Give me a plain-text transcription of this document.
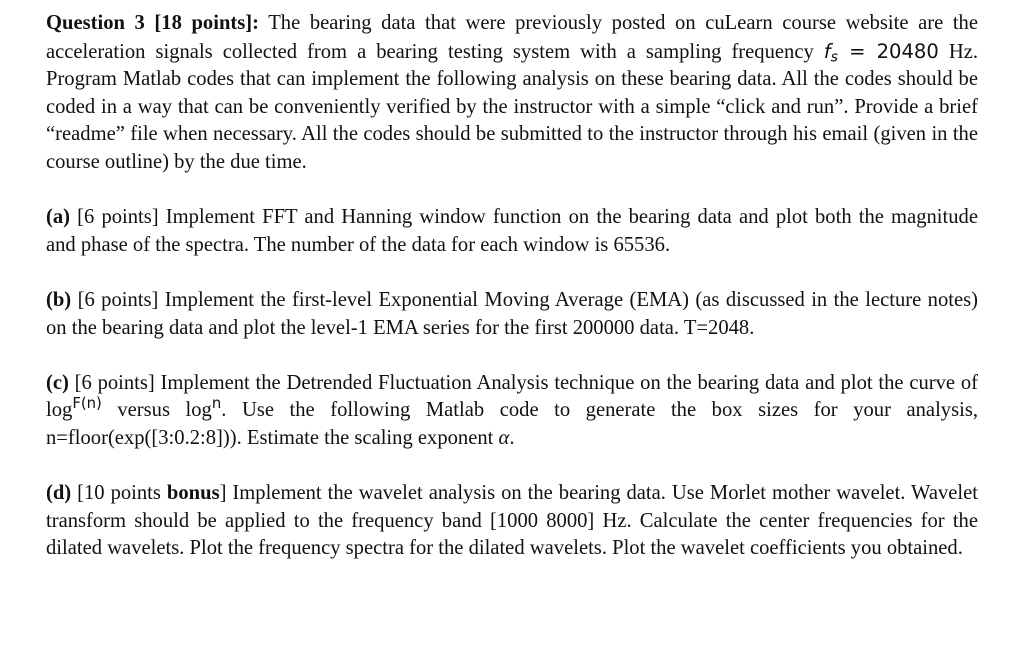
Question 3 [18 points]: The bearing data that were previously posted on cuLearn course website are the acceleration signals collected from a bearing testing system with a sampling frequency $f_s = 20480$ Hz. Program Matlab codes that can implement the following analysis on these bearing data. All the codes should be coded in a way that can be conveniently verified by the instructor with a simple “click and run”. Provide a brief “readme” file when necessary. All the codes should be submitted to the instructor through his email (given in the course outline) by the due time.

(a) [6 points] Implement FFT and Hanning window function on the bearing data and plot both the magnitude and phase of the spectra. The number of the data for each window is 65536.

(b) [6 points] Implement the first-level Exponential Moving Average (EMA) (as discussed in the lecture notes) on the bearing data and plot the level-1 EMA series for the first 200000 data. T=2048.

(c) [6 points] Implement the Detrended Fluctuation Analysis technique on the bearing data and plot the curve of $\log^{F(n)}$ versus $\log^n$. Use the following Matlab code to generate the box sizes for your analysis, n=floor(exp([3:0.2:8])). Estimate the scaling exponent α.

(d) [10 points bonus] Implement the wavelet analysis on the bearing data. Use Morlet mother wavelet. Wavelet transform should be applied to the frequency band [1000 8000] Hz. Calculate the center frequencies for the dilated wavelets. Plot the frequency spectra for the dilated wavelets. Plot the wavelet coefficients you obtained.
